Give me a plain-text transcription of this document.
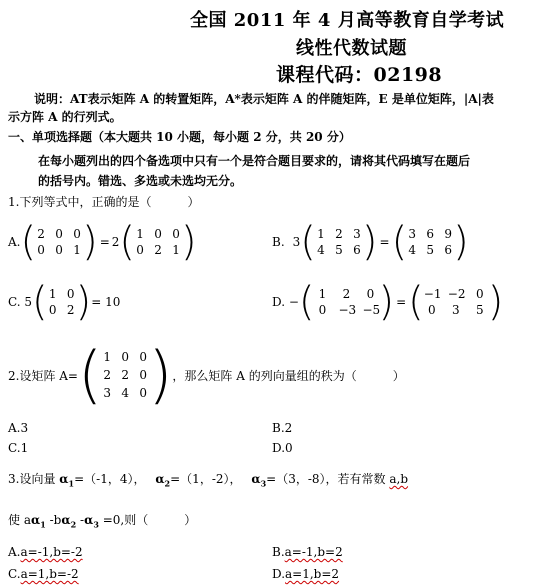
全国 2011 年 4 月高等教育自学考试
线性代数试题
课程代码：02198
说明：AT表示矩阵 A 的转置矩阵，A*表示矩阵 A 的伴随矩阵，E 是单位矩阵，|A|表
示方阵 A 的行列式。
一、单项选择题（本大题共 10 小题，每小题 2 分，共 20 分）
在每小题列出的四个备选项中只有一个是符合题目要求的，请将其代码填写在题后
的括号内。错选、多选或未选均无分。
1.下列等式中，正确的是（　　　）
A. ( 2 0 0
0 0 1 ) = 2 ( 1 0 0
0 2 1 )	B. 3 ( 1 2 3
4 5 6 ) = ( 3 6 9
4 5 6 )
C. 5 ( 1 0
0 2 ) = 10	D. − ( 1	2	0
0	−3 −5
) = ( −1 −2 0
0	3	5 )
2.设矩阵 A= ( 1 0 0
2 2 0
3 4 0 ) ，那么矩阵 A 的列向量组的秩为（　　　）
A.3	B.2
C.1	D.0
3.设向量 $\alpha_1=(-1$，4）， $\alpha_2=(1$，-2）， $\alpha_3=(3$，-8），若有常数 a,b
使 $a\alpha_1$ $-b\alpha_2$ $-\alpha_3 =0$,则（　　　）
A.a=-1,b=-2	B.a=-1,b=2
C.a=1,b=-2	D.a=1,b=2
